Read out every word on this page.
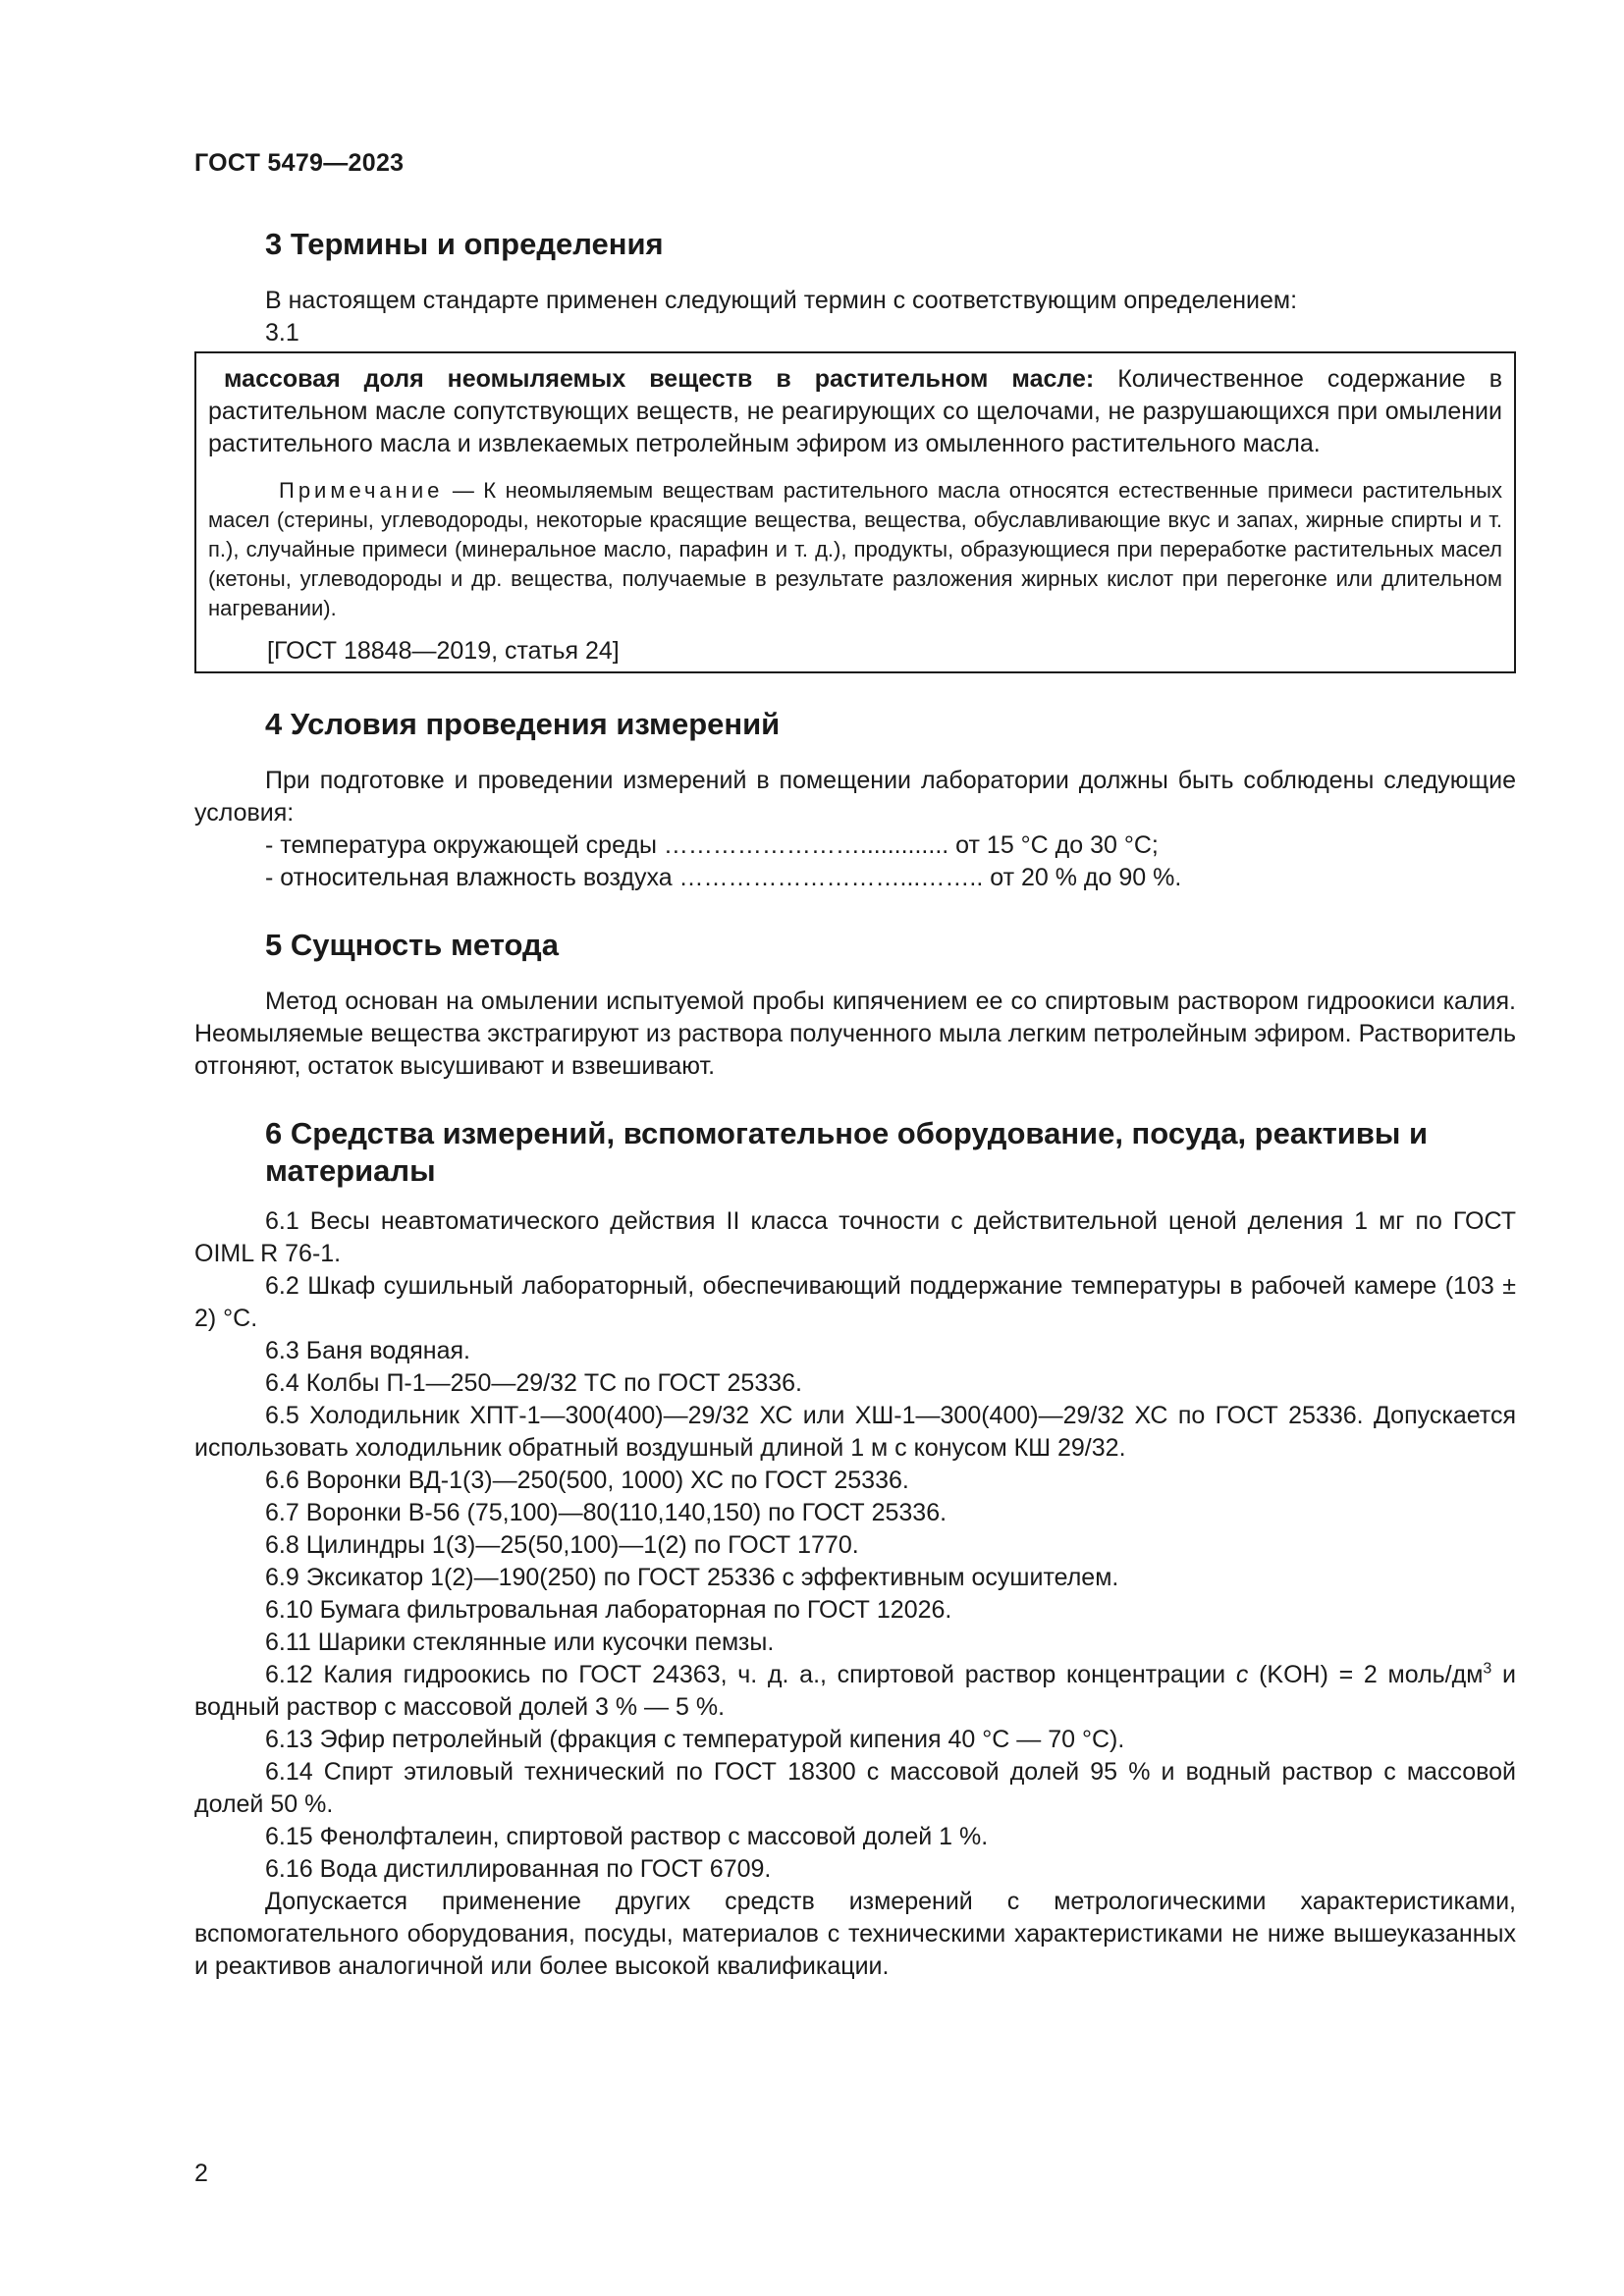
ГОСТ 5479—2023
3 Термины и определения

В настоящем стандарте применен следующий термин с соответствующим определением:

3.1

массовая доля неомыляемых веществ в растительном масле: Количественное содержание в растительном масле сопутствующих веществ, не реагирующих со щелочами, не разрушающихся при омылении растительного масла и извлекаемых петролейным эфиром из омыленного растительного масла.

Примечание — К неомыляемым веществам растительного масла относятся естественные примеси растительных масел (стерины, углеводороды, некоторые красящие вещества, вещества, обуславливающие вкус и запах, жирные спирты и т. п.), случайные примеси (минеральное масло, парафин и т. д.), продукты, образующиеся при переработке растительных масел (кетоны, углеводороды и др. вещества, получаемые в результате разложения жирных кислот при перегонке или длительном нагревании).

[ГОСТ 18848—2019, статья 24]

4 Условия проведения измерений

При подготовке и проведении измерений в помещении лаборатории должны быть соблюдены следующие условия:

- температура окружающей среды ……………………............. от 15 °С до 30 °С;

- относительная влажность воздуха ………………………...…….. от 20 % до 90 %.

5 Сущность метода

Метод основан на омылении испытуемой пробы кипячением ее со спиртовым раствором гидроокиси калия. Неомыляемые вещества экстрагируют из раствора полученного мыла легким петролейным эфиром. Растворитель отгоняют, остаток высушивают и взвешивают.

6 Средства измерений, вспомогательное оборудование, посуда, реактивы и материалы

6.1 Весы неавтоматического действия II класса точности с действительной ценой деления 1 мг по ГОСТ OIML R 76-1.

6.2 Шкаф сушильный лабораторный, обеспечивающий поддержание температуры в рабочей камере (103 ± 2) °С.

6.3 Баня водяная.

6.4 Колбы П-1—250—29/32 ТС по ГОСТ 25336.

6.5 Холодильник ХПТ-1—300(400)—29/32 ХС или ХШ-1—300(400)—29/32 ХС по ГОСТ 25336. Допускается использовать холодильник обратный воздушный длиной 1 м с конусом КШ 29/32.

6.6 Воронки ВД-1(3)—250(500, 1000) ХС по ГОСТ 25336.

6.7 Воронки В-56 (75,100)—80(110,140,150) по ГОСТ 25336.

6.8 Цилиндры 1(3)—25(50,100)—1(2) по ГОСТ 1770.

6.9 Эксикатор 1(2)—190(250) по ГОСТ 25336 с эффективным осушителем.

6.10 Бумага фильтровальная лабораторная по ГОСТ 12026.

6.11 Шарики стеклянные или кусочки пемзы.

6.12 Калия гидроокись по ГОСТ 24363, ч. д. а., спиртовой раствор концентрации с (KOH) = 2 моль/$дм^3$ и водный раствор с массовой долей 3 % — 5 %.

6.13 Эфир петролейный (фракция с температурой кипения 40 °С — 70 °С).

6.14 Спирт этиловый технический по ГОСТ 18300 с массовой долей 95 % и водный раствор с массовой долей 50 %.

6.15 Фенолфталеин, спиртовой раствор с массовой долей 1 %.

6.16 Вода дистиллированная по ГОСТ 6709.

Допускается применение других средств измерений с метрологическими характеристиками, вспомогательного оборудования, посуды, материалов с техническими характеристиками не ниже вышеуказанных и реактивов аналогичной или более высокой квалификации.

2
